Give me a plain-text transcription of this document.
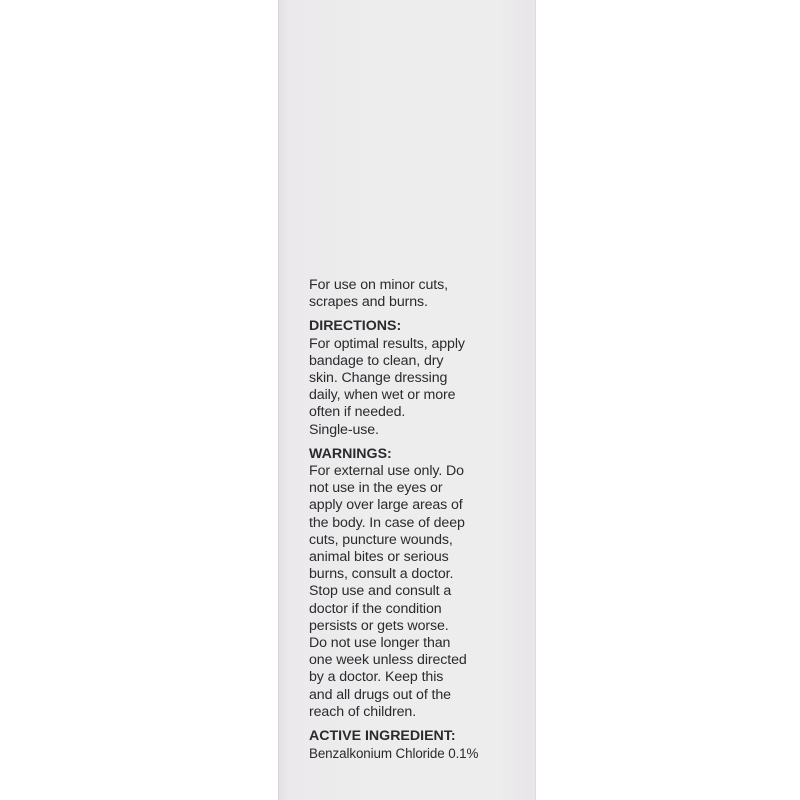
For use on minor cuts,
scrapes and burns.

DIRECTIONS:

For optimal results, apply
bandage to clean, dry
skin. Change dressing
daily, when wet or more
often if needed.
Single-use.

WARNINGS:

For external use only. Do
not use in the eyes or
apply over large areas of
the body. In case of deep
cuts, puncture wounds,
animal bites or serious
burns, consult a doctor.
Stop use and consult a
doctor if the condition
persists or gets worse.
Do not use longer than
one week unless directed
by a doctor. Keep this
and all drugs out of the
reach of children.

ACTIVE INGREDIENT:

Benzalkonium Chloride 0.1%
